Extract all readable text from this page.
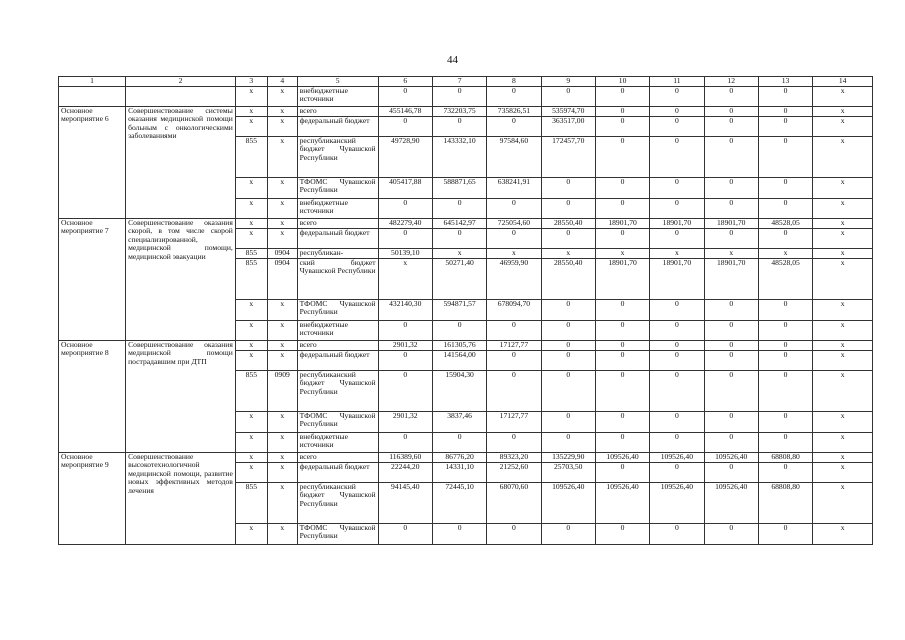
44
1	2	3	4	5	6	7	8	9	10	11	12	13	14
		x	x	внебюджетные источники	0	0	0	0	0	0	0	0	x
Основное мероприятие 6	Совершенствование системы оказания медицинской помощи больным с онкологическими заболеваниями	x	x	всего	455146,78	732203,75	735826,51	535974,70	0	0	0	0	x
		x	x	федеральный бюджет	0	0	0	363517,00	0	0	0	0	x
		855	x	республиканский бюджет Чувашской Республики	49728,90	143332,10	97584,60	172457,70	0	0	0	0	x
		x	x	ТФОМС Чувашской Республики	405417,88	588871,65	638241,91	0	0	0	0	0	x
		x	x	внебюджетные источники	0	0	0	0	0	0	0	0	x
Основное мероприятие 7	Совершенствование оказания скорой, в том числе скорой специализированной, медицинской помощи, медицинской эвакуации	x	x	всего	482279,40	645142,97	725054,60	28550,40	18901,70	18901,70	18901,70	48528,05	x
		x	x	федеральный бюджет	0	0	0	0	0	0	0	0	x
		855	0904	республикан-	50139,10	x	x	x	x	x	x	x	x
		855	0904	ский бюджет Чувашской Республики	x	50271,40	46959,90	28550,40	18901,70	18901,70	18901,70	48528,05	x
		x	x	ТФОМС Чувашской Республики	432140,30	594871,57	678094,70	0	0	0	0	0	x
		x	x	внебюджетные источники	0	0	0	0	0	0	0	0	x
Основное мероприятие 8	Совершенствование оказания медицинской помощи пострадавшим при ДТП	x	x	всего	2901,32	161305,76	17127,77	0	0	0	0	0	x
		x	x	федеральный бюджет	0	141564,00	0	0	0	0	0	0	x
		855	0909	республиканский бюджет Чувашской Республики	0	15904,30	0	0	0	0	0	0	x
		x	x	ТФОМС Чувашской Республики	2901,32	3837,46	17127,77	0	0	0	0	0	x
		x	x	внебюджетные источники	0	0	0	0	0	0	0	0	x
Основное мероприятие 9	Совершенствование высокотехнологичной медицинской помощи, развитие новых эффективных методов лечения	x	x	всего	116389,60	86776,20	89323,20	135229,90	109526,40	109526,40	109526,40	68808,80	x
		x	x	федеральный бюджет	22244,20	14331,10	21252,60	25703,50	0	0	0	0	x
		855	x	республиканский бюджет Чувашской Республики	94145,40	72445,10	68070,60	109526,40	109526,40	109526,40	109526,40	68808,80	x
		x	x	ТФОМС Чувашской Республики	0	0	0	0	0	0	0	0	x
